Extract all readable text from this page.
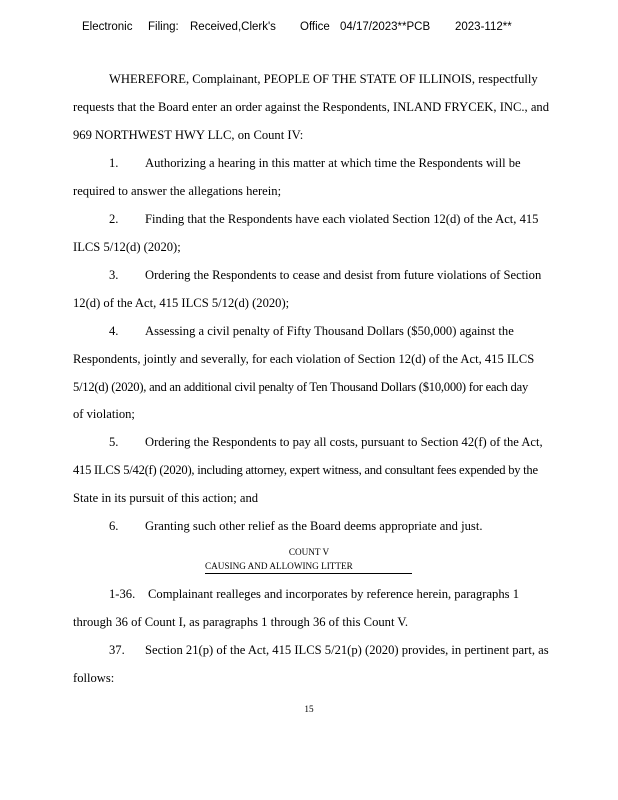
Electronic Filing: Received,Clerk's Office 04/17/2023**PCB 2023-112**
WHEREFORE, Complainant, PEOPLE OF THE STATE OF ILLINOIS, respectfully
requests that the Board enter an order against the Respondents, INLAND FRYCEK, INC., and
969 NORTHWEST HWY LLC, on Count IV:
1. Authorizing a hearing in this matter at which time the Respondents will be
required to answer the allegations herein;
2. Finding that the Respondents have each violated Section 12(d) of the Act, 415
ILCS 5/12(d) (2020);
3. Ordering the Respondents to cease and desist from future violations of Section
12(d) of the Act, 415 ILCS 5/12(d) (2020);
4. Assessing a civil penalty of Fifty Thousand Dollars ($50,000) against the
Respondents, jointly and severally, for each violation of Section 12(d) of the Act, 415 ILCS
5/12(d) (2020), and an additional civil penalty of Ten Thousand Dollars ($10,000) for each day
of violation;
5. Ordering the Respondents to pay all costs, pursuant to Section 42(f) of the Act,
415 ILCS 5/42(f) (2020), including attorney, expert witness, and consultant fees expended by the
State in its pursuit of this action; and
6. Granting such other relief as the Board deems appropriate and just.
COUNT V
CAUSING AND ALLOWING LITTER
1-36. Complainant realleges and incorporates by reference herein, paragraphs 1
through 36 of Count I, as paragraphs 1 through 36 of this Count V.
37. Section 21(p) of the Act, 415 ILCS 5/21(p) (2020) provides, in pertinent part, as
follows:
15
